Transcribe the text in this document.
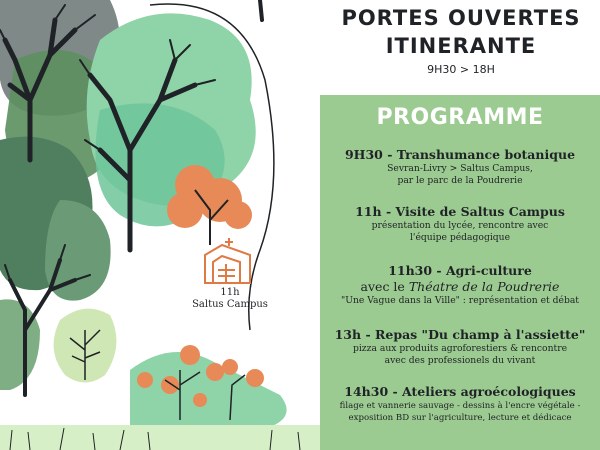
11h
Saltus Campus
PORTES OUVERTES
ITINERANTE
9H30 > 18H
PROGRAMME
9H30 - Transhumance botanique
Sevran-Livry > Saltus Campus,
par le parc de la Poudrerie
11h - Visite de Saltus Campus
présentation du lycée, rencontre avec
l'équipe pédagogique
11h30 - Agri-culture
avec le Théatre de la Poudrerie
"Une Vague dans la Ville" : représentation et débat
13h - Repas "Du champ à l'assiette"
pizza aux produits agroforestiers & rencontre
avec des professionels du vivant
14h30 - Ateliers agroécologiques
filage et vannerie sauvage - dessins à l'encre végétale -
exposition BD sur l'agriculture, lecture et dédicace
